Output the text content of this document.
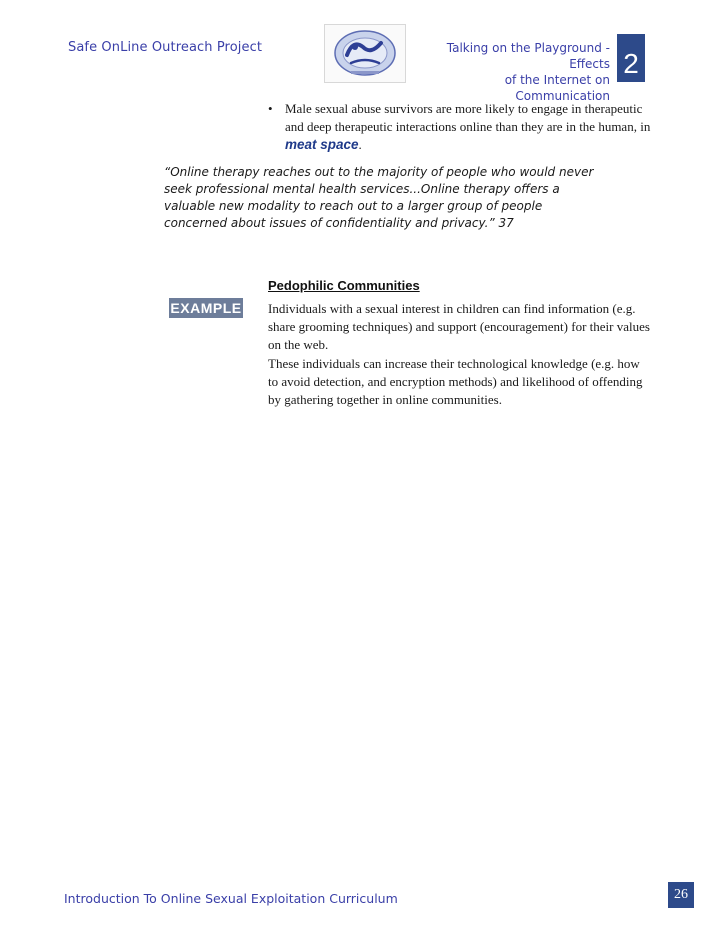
Safe OnLine Outreach Project	Talking on the Playground - Effects
of the Internet on Communication
2
• Male sexual abuse survivors are more likely to engage in therapeutic and deep therapeutic interactions online than they are in the human, in meat space.
“Online therapy reaches out to the majority of people who would never seek professional mental health services...Online therapy offers a valuable new modality to reach out to a larger group of people concerned about issues of confidentiality and privacy.” 37
Pedophilic Communities
EXAMPLE Individuals with a sexual interest in children can find information (e.g. share grooming techniques) and support (encouragement) for their values on the web.

These individuals can increase their technological knowledge (e.g. how to avoid detection, and encryption methods) and likelihood of offending by gathering together in online communities.

Introduction To Online Sexual Exploitation Curriculum	26
